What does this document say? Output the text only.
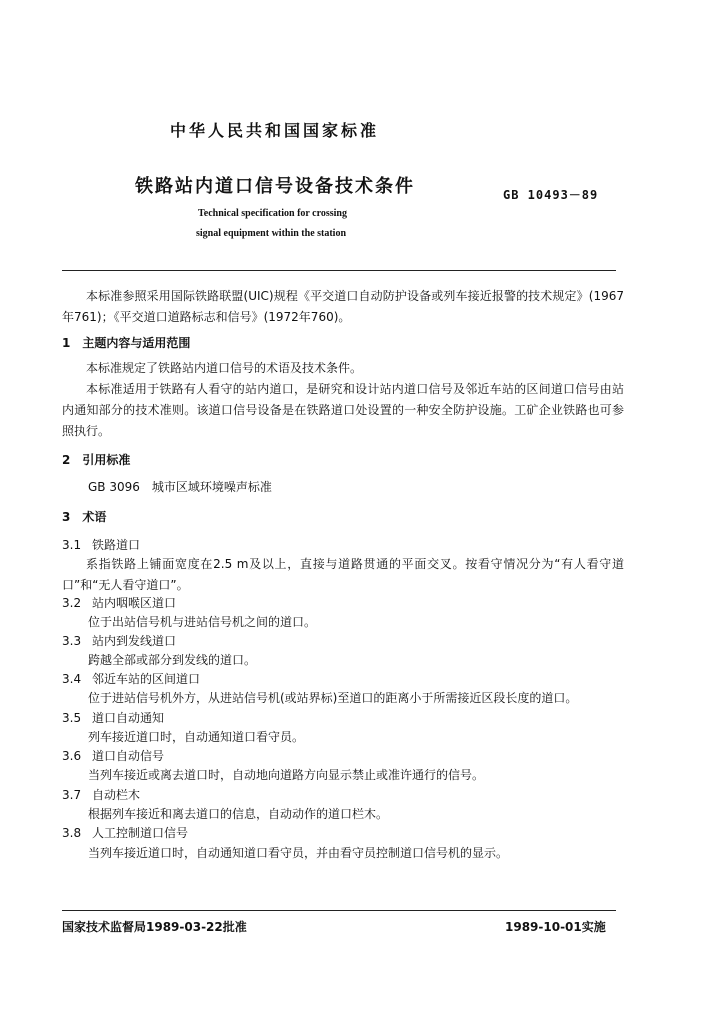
中华人民共和国国家标准
铁路站内道口信号设备技术条件	GB 10493－89
Technical specification for crossing
signal equipment within the station
本标准参照采用国际铁路联盟(UIC)规程《平交道口自动防护设备或列车接近报警的技术规定》(1967年761)；《平交道口道路标志和信号》(1972年760)。
1　主题内容与适用范围
本标准规定了铁路站内道口信号的术语及技术条件。
本标准适用于铁路有人看守的站内道口，是研究和设计站内道口信号及邻近车站的区间道口信号由站内通知部分的技术准则。该道口信号设备是在铁路道口处设置的一种安全防护设施。工矿企业铁路也可参照执行。
2　引用标准
GB 3096　城市区域环境噪声标准
3　术语
3.1 铁路道口
系指铁路上铺面宽度在2.5 m及以上，直接与道路贯通的平面交叉。按看守情况分为“有人看守道口”和“无人看守道口”。
3.2 站内咽喉区道口
位于出站信号机与进站信号机之间的道口。
3.3 站内到发线道口
跨越全部或部分到发线的道口。
3.4 邻近车站的区间道口
位于进站信号机外方，从进站信号机(或站界标)至道口的距离小于所需接近区段长度的道口。
3.5 道口自动通知
列车接近道口时，自动通知道口看守员。
3.6 道口自动信号
当列车接近或离去道口时，自动地向道路方向显示禁止或准许通行的信号。
3.7 自动栏木
根据列车接近和离去道口的信息，自动动作的道口栏木。
3.8 人工控制道口信号
当列车接近道口时，自动通知道口看守员，并由看守员控制道口信号机的显示。
国家技术监督局1989-03-22批准	1989-10-01实施
